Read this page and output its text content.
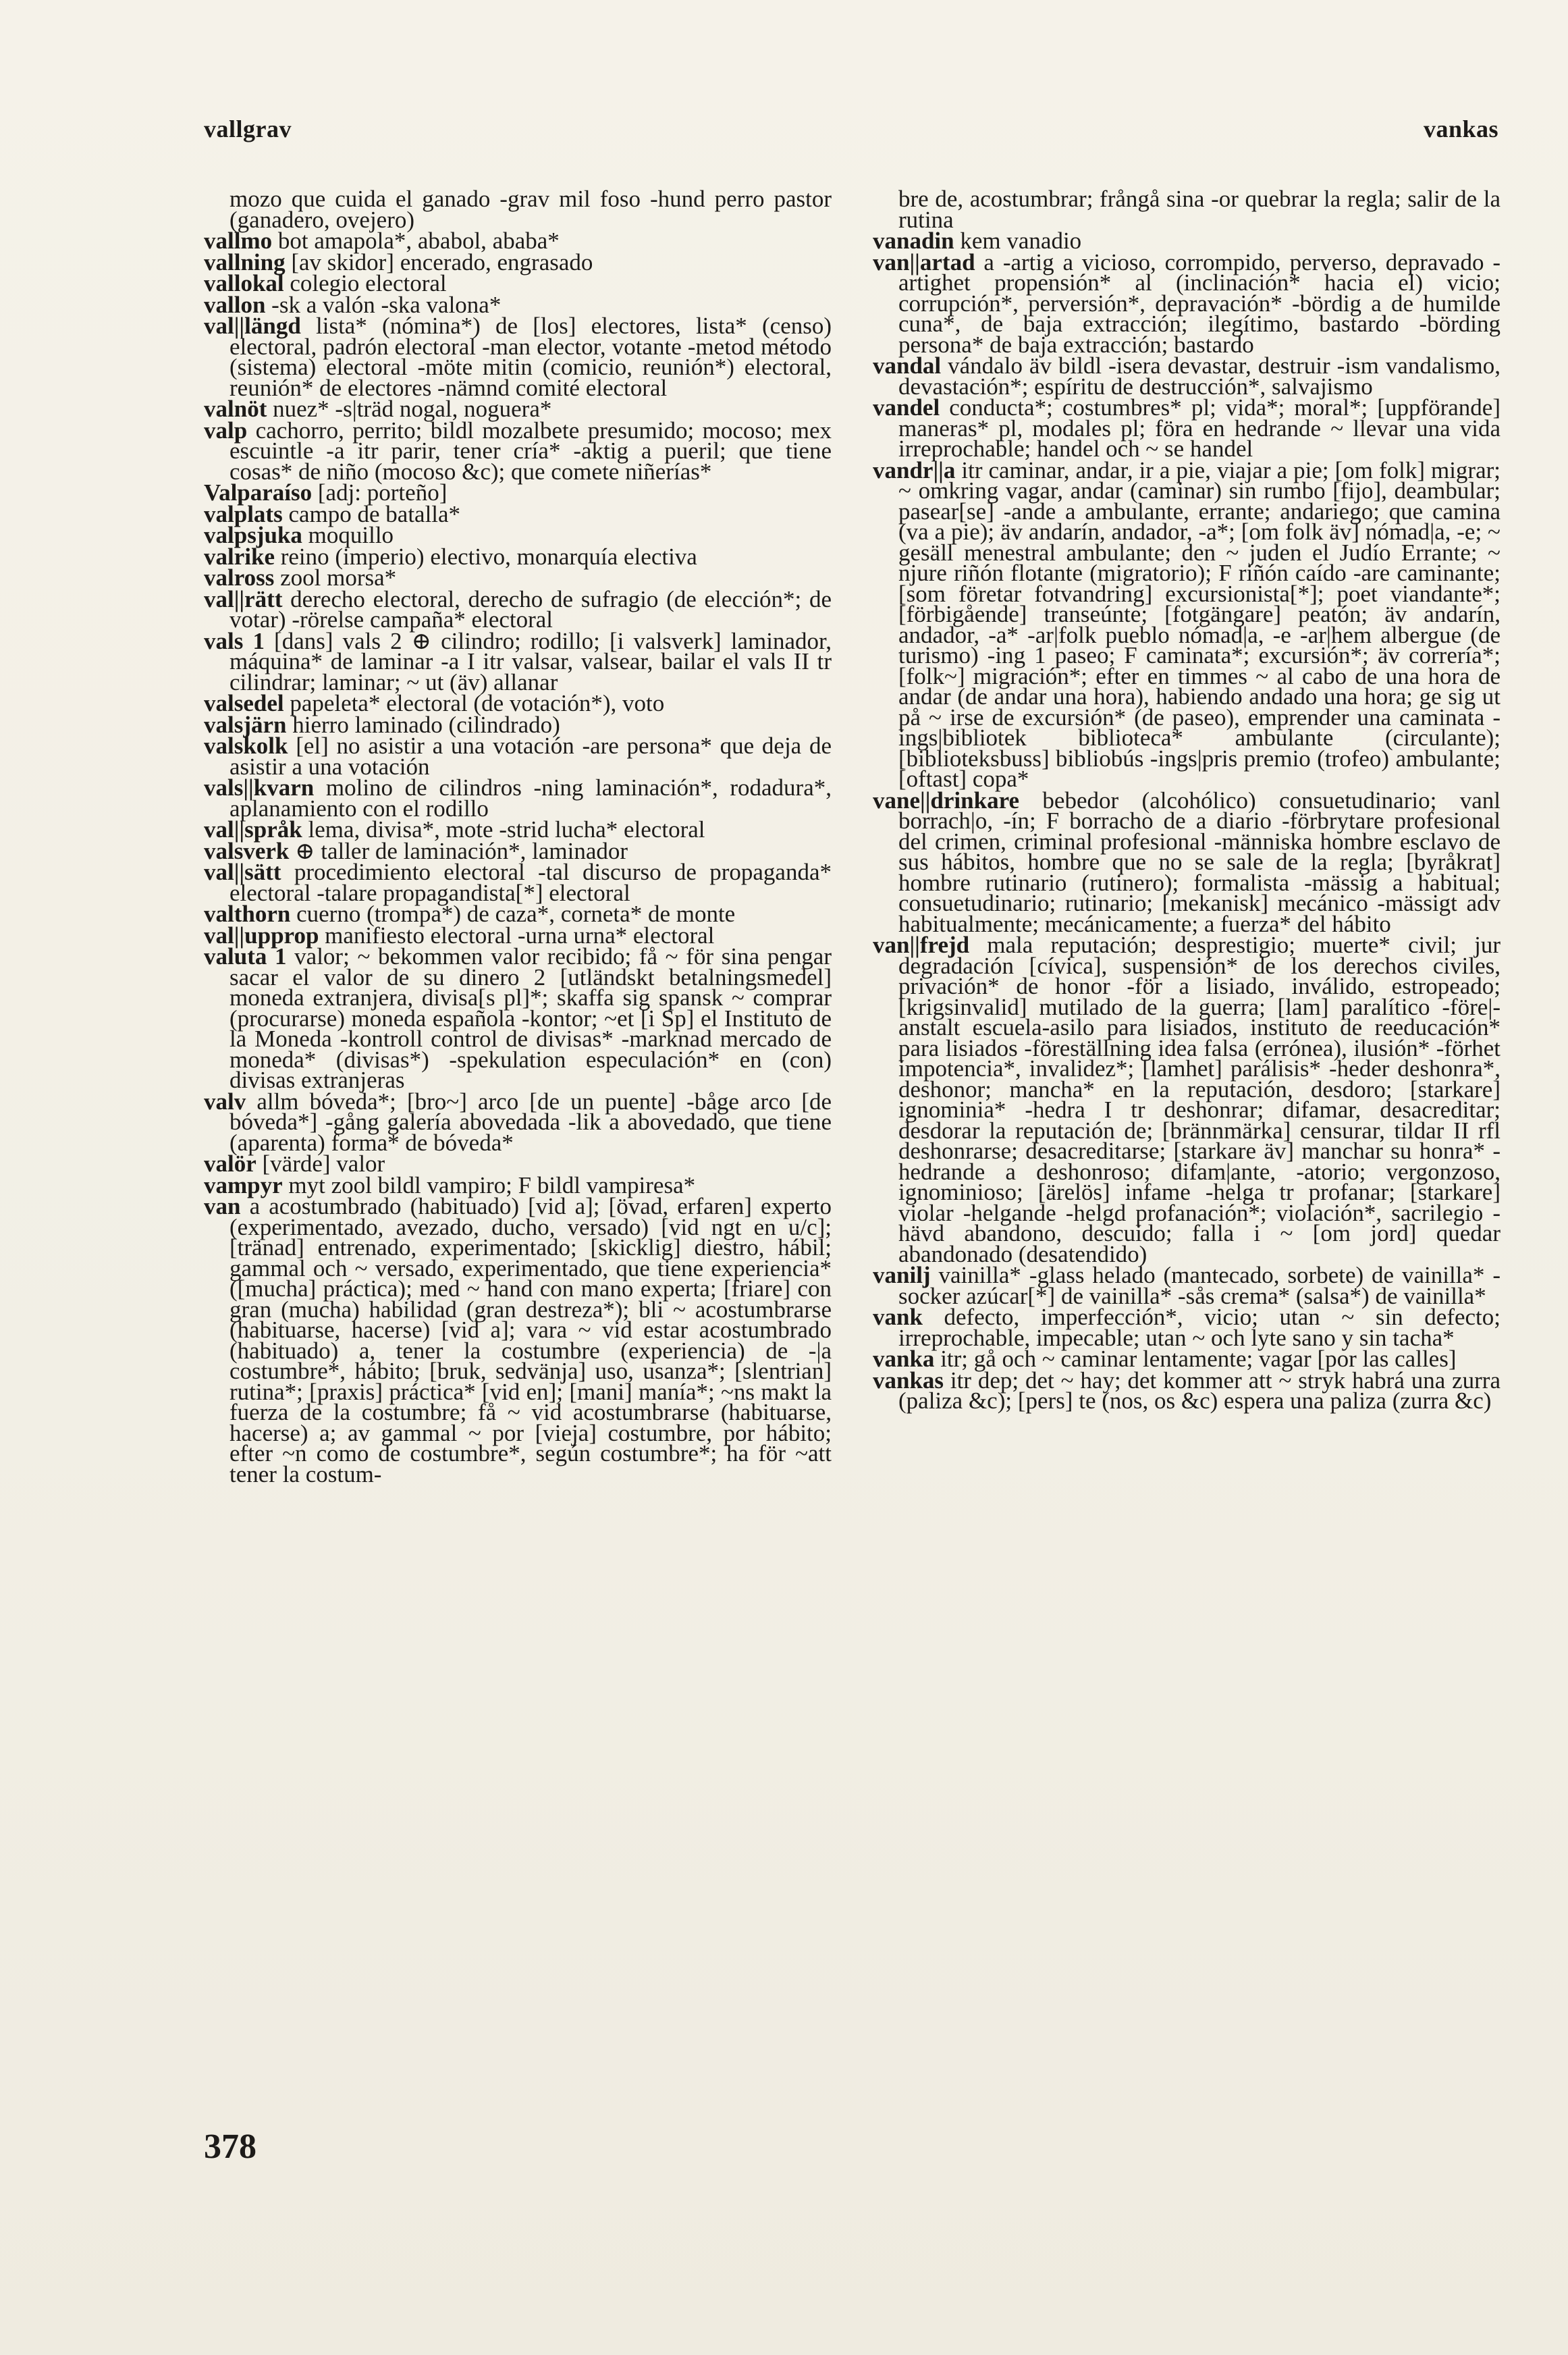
vallgrav	vankas

mozo que cuida el ganado -grav mil foso -hund perro pastor (ganadero, ovejero)

vallmo bot amapola*, ababol, ababa*

vallning [av skidor] encerado, engrasado

vallokal colegio electoral

vallon -sk a valón -ska valona*

val||längd lista* (nómina*) de [los] electores, lista* (censo) electoral, padrón electoral -man elector, votante -metod método (sistema) electoral -möte mitin (comicio, reunión*) electoral, reunión* de electores -nämnd comité electoral

valnöt nuez* -s|träd nogal, noguera*

valp cachorro, perrito; bildl mozalbete presumido; mocoso; mex escuintle -a itr parir, tener cría* -aktig a pueril; que tiene cosas* de niño (mocoso &c); que comete niñerías*

Valparaíso [adj: porteño]

valplats campo de batalla*

valpsjuka moquillo

valrike reino (imperio) electivo, monarquía electiva

valross zool morsa*

val||rätt derecho electoral, derecho de sufragio (de elección*; de votar) -rörelse campaña* electoral

vals 1 [dans] vals 2 ⊕ cilindro; rodillo; [i valsverk] laminador, máquina* de laminar -a I itr valsar, valsear, bailar el vals II tr cilindrar; laminar; ~ ut (äv) allanar

valsedel papeleta* electoral (de votación*), voto

valsjärn hierro laminado (cilindrado)

valskolk [el] no asistir a una votación -are persona* que deja de asistir a una votación

vals||kvarn molino de cilindros -ning laminación*, rodadura*, aplanamiento con el rodillo

val||språk lema, divisa*, mote -strid lucha* electoral

valsverk ⊕ taller de laminación*, laminador

val||sätt procedimiento electoral -tal discurso de propaganda* electoral -talare propagandista[*] electoral

valthorn cuerno (trompa*) de caza*, corneta* de monte

val||upprop manifiesto electoral -urna urna* electoral

valuta 1 valor; ~ bekommen valor recibido; få ~ för sina pengar sacar el valor de su dinero 2 [utländskt betalningsmedel] moneda extranjera, divisa[s pl]*; skaffa sig spansk ~ comprar (procurarse) moneda española -kontor; ~et [i Sp] el Instituto de la Moneda -kontroll control de divisas* -marknad mercado de moneda* (divisas*) -spekulation especulación* en (con) divisas extranjeras

valv allm bóveda*; [bro~] arco [de un puente] -båge arco [de bóveda*] -gång galería abovedada -lik a abovedado, que tiene (aparenta) forma* de bóveda*

valör [värde] valor

vampyr myt zool bildl vampiro; F bildl vampiresa*

van a acostumbrado (habituado) [vid a]; [övad, erfaren] experto (experimentado, avezado, ducho, versado) [vid ngt en u/c]; [tränad] entrenado, experimentado; [skicklig] diestro, hábil; gammal och ~ versado, experimentado, que tiene experiencia* ([mucha] práctica); med ~ hand con mano experta; [friare] con gran (mucha) habilidad (gran destreza*); bli ~ acostumbrarse (habituarse, hacerse) [vid a]; vara ~ vid estar acostumbrado (habituado) a, tener la costumbre (experiencia) de -|a costumbre*, hábito; [bruk, sedvänja] uso, usanza*; [slentrian] rutina*; [praxis] práctica* [vid en]; [mani] manía*; ~ns makt la fuerza de la costumbre; få ~ vid acostumbrarse (habituarse, hacerse) a; av gammal ~ por [vieja] costumbre, por hábito; efter ~n como de costumbre*, según costumbre*; ha för ~att tener la costum-

bre de, acostumbrar; frångå sina -or quebrar la regla; salir de la rutina

vanadin kem vanadio

van||artad a -artig a vicioso, corrompido, perverso, depravado -artighet propensión* al (inclinación* hacia el) vicio; corrupción*, perversión*, depravación* -bördig a de humilde cuna*, de baja extracción; ilegítimo, bastardo -börding persona* de baja extracción; bastardo

vandal vándalo äv bildl -isera devastar, destruir -ism vandalismo, devastación*; espíritu de destrucción*, salvajismo

vandel conducta*; costumbres* pl; vida*; moral*; [uppförande] maneras* pl, modales pl; föra en hedrande ~ llevar una vida irreprochable; handel och ~ se handel

vandr||a itr caminar, andar, ir a pie, viajar a pie; [om folk] migrar; ~ omkring vagar, andar (caminar) sin rumbo [fijo], deambular; pasear[se] -ande a ambulante, errante; andariego; que camina (va a pie); äv andarín, andador, -a*; [om folk äv] nómad|a, -e; ~ gesäll menestral ambulante; den ~ juden el Judío Errante; ~ njure riñón flotante (migratorio); F riñón caído -are caminante; [som företar fotvandring] excursionista[*]; poet viandante*; [förbigående] transeúnte; [fotgängare] peatón; äv andarín, andador, -a* -ar|folk pueblo nómad|a, -e -ar|hem albergue (de turismo) -ing 1 paseo; F caminata*; excursión*; äv correría*; [folk~] migración*; efter en timmes ~ al cabo de una hora de andar (de andar una hora), habiendo andado una hora; ge sig ut på ~ irse de excursión* (de paseo), emprender una caminata -ings|bibliotek biblioteca* ambulante (circulante); [biblioteksbuss] bibliobús -ings|pris premio (trofeo) ambulante; [oftast] copa*

vane||drinkare bebedor (alcohólico) consuetudinario; vanl borrach|o, -ín; F borracho de a diario -förbrytare profesional del crimen, criminal profesional -människa hombre esclavo de sus hábitos, hombre que no se sale de la regla; [byråkrat] hombre rutinario (rutinero); formalista -mässig a habitual; consuetudinario; rutinario; [mekanisk] mecánico -mässigt adv habitualmente; mecánicamente; a fuerza* del hábito

van||frejd mala reputación; desprestigio; muerte* civil; jur degradación [cívica], suspensión* de los derechos civiles, privación* de honor -för a lisiado, inválido, estropeado; [krigsinvalid] mutilado de la guerra; [lam] paralítico -före|-anstalt escuela-asilo para lisiados, instituto de reeducación* para lisiados -föreställning idea falsa (errónea), ilusión* -förhet impotencia*, invalidez*; [lamhet] parálisis* -heder deshonra*, deshonor; mancha* en la reputación, desdoro; [starkare] ignominia* -hedra I tr deshonrar; difamar, desacreditar; desdorar la reputación de; [brännmärka] censurar, tildar II rfl deshonrarse; desacreditarse; [starkare äv] manchar su honra* -hedrande a deshonroso; difam|ante, -atorio; vergonzoso, ignominioso; [ärelös] infame -helga tr profanar; [starkare] violar -helgande -helgd profanación*; violación*, sacrilegio -hävd abandono, descuido; falla i ~ [om jord] quedar abandonado (desatendido)

vanilj vainilla* -glass helado (mantecado, sorbete) de vainilla* -socker azúcar[*] de vainilla* -sås crema* (salsa*) de vainilla*

vank defecto, imperfección*, vicio; utan ~ sin defecto; irreprochable, impecable; utan ~ och lyte sano y sin tacha*

vanka itr; gå och ~ caminar lentamente; vagar [por las calles]

vankas itr dep; det ~ hay; det kommer att ~ stryk habrá una zurra (paliza &c); [pers] te (nos, os &c) espera una paliza (zurra &c)

378
